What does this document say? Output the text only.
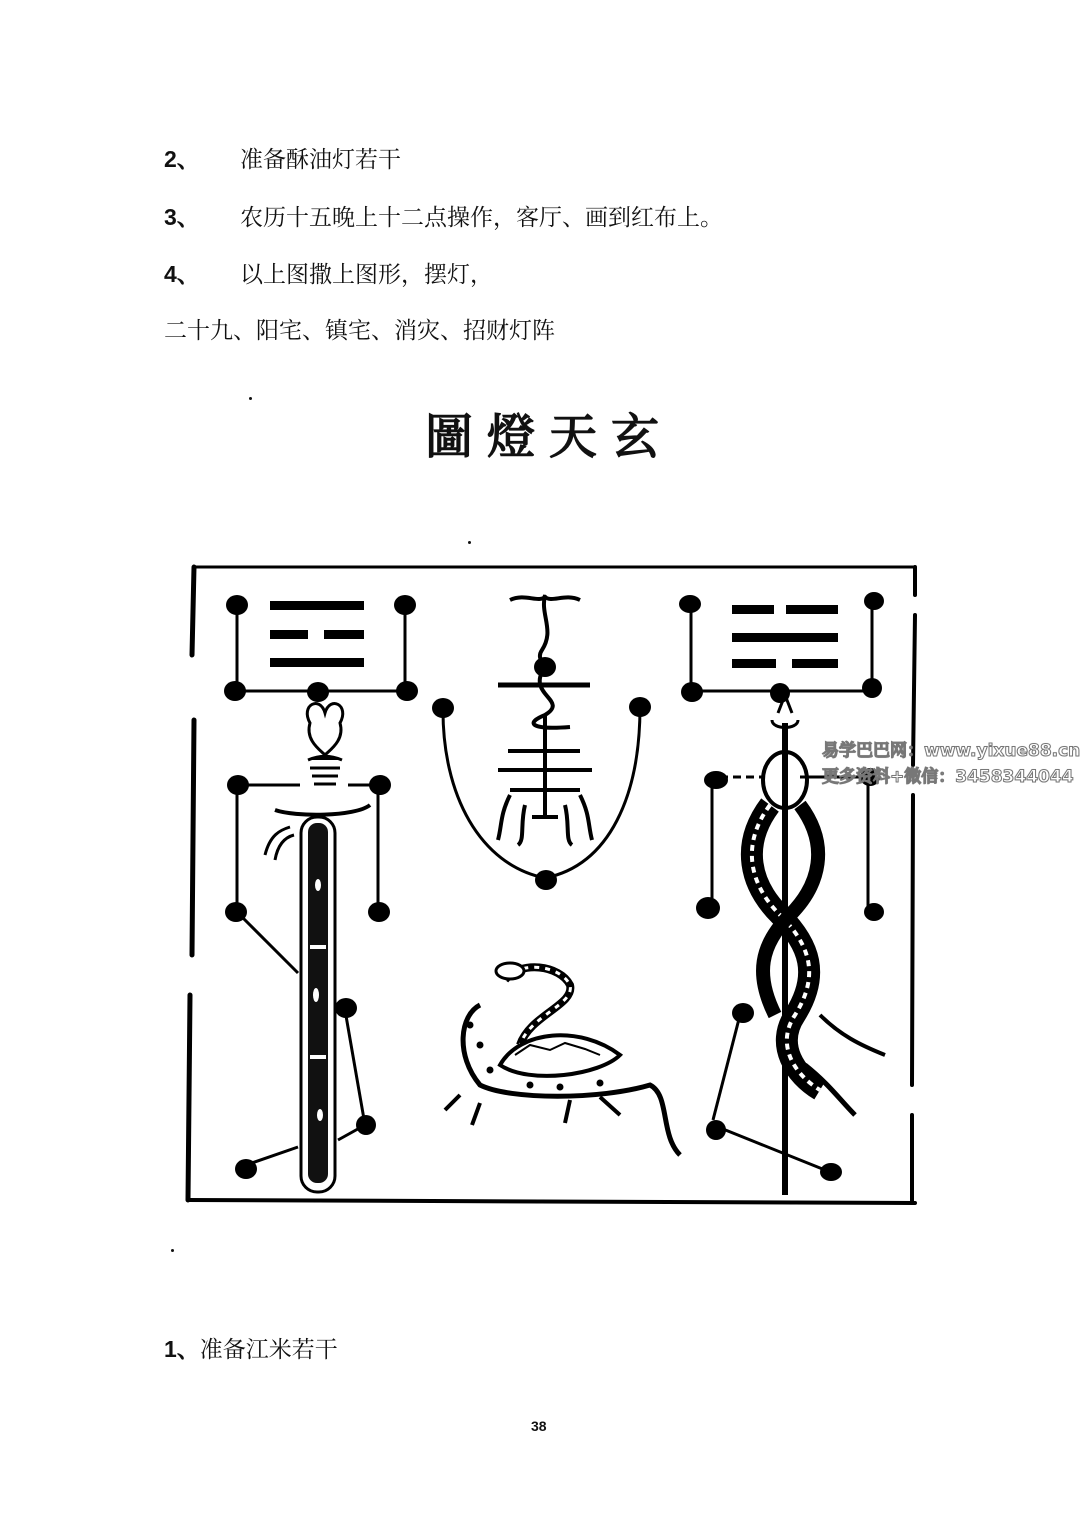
2、 准备酥油灯若干
3、 农历十五晚上十二点操作，客厅、画到红布上。
4、 以上图撒上图形，摆灯，
二十九、阳宅、镇宅、消灾、招财灯阵
圖燈天玄
易学巴巴网：www.yixue88.cn
更多资料+微信：3458344044
1、准备江米若干
38
